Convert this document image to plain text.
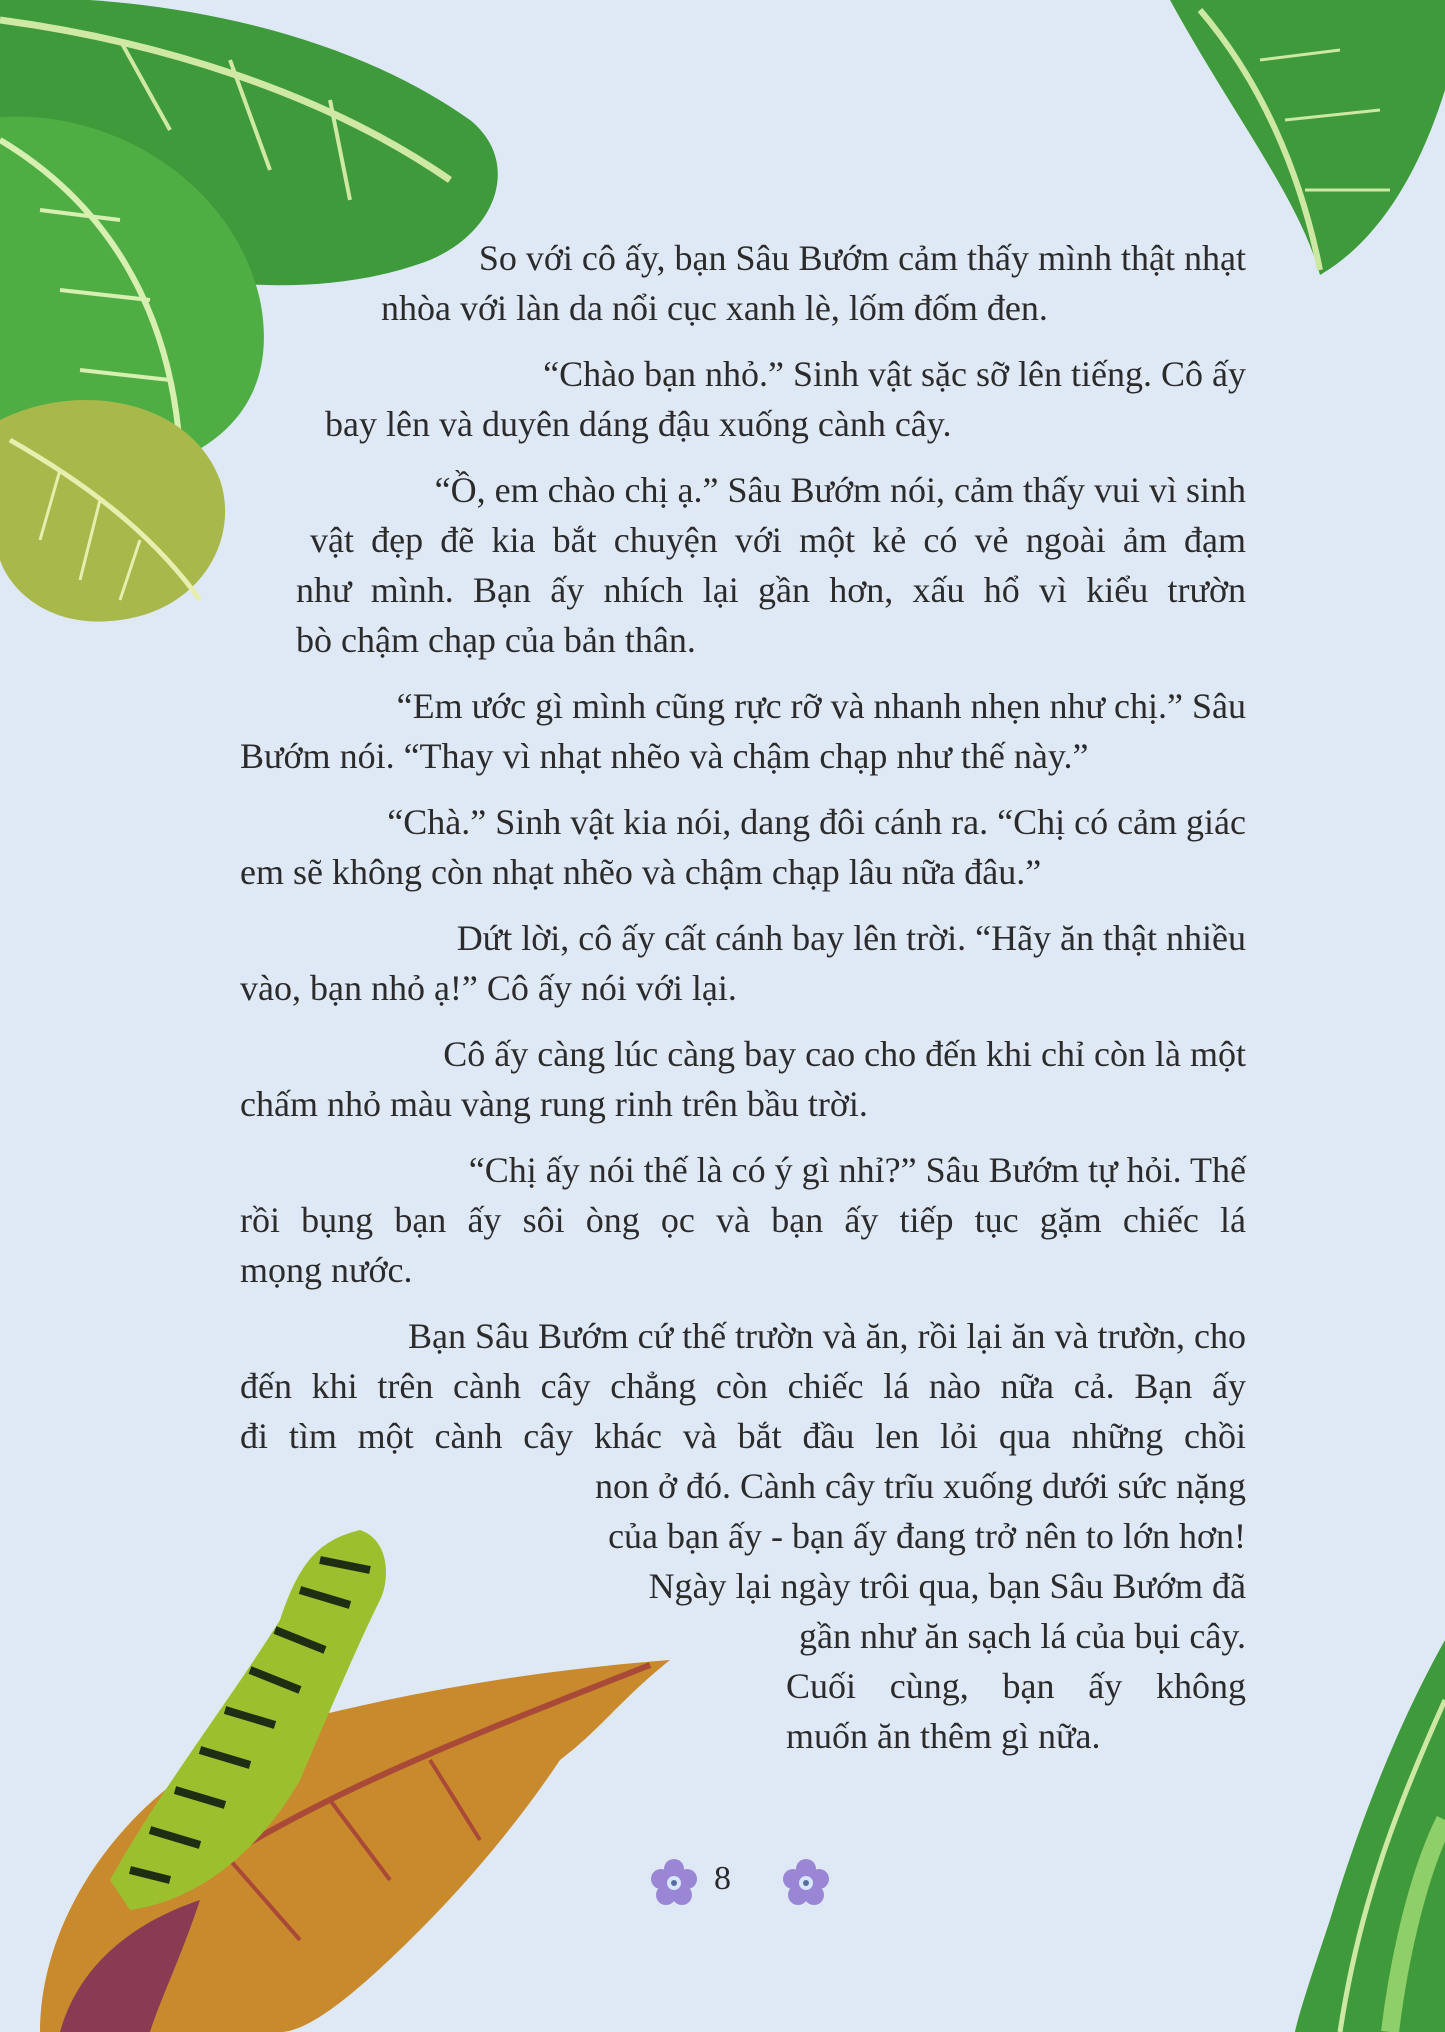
So với cô ấy, bạn Sâu Bướm cảm thấy mình thật nhạt
nhòa với làn da nổi cục xanh lè, lốm đốm đen.
“Chào bạn nhỏ.” Sinh vật sặc sỡ lên tiếng. Cô ấy
bay lên và duyên dáng đậu xuống cành cây.
“Ồ, em chào chị ạ.” Sâu Bướm nói, cảm thấy vui vì sinh
vật đẹp đẽ kia bắt chuyện với một kẻ có vẻ ngoài ảm đạm
như mình. Bạn ấy nhích lại gần hơn, xấu hổ vì kiểu trườn
bò chậm chạp của bản thân.
“Em ước gì mình cũng rực rỡ và nhanh nhẹn như chị.” Sâu
Bướm nói. “Thay vì nhạt nhẽo và chậm chạp như thế này.”
“Chà.” Sinh vật kia nói, dang đôi cánh ra. “Chị có cảm giác
em sẽ không còn nhạt nhẽo và chậm chạp lâu nữa đâu.”
Dứt lời, cô ấy cất cánh bay lên trời. “Hãy ăn thật nhiều
vào, bạn nhỏ ạ!” Cô ấy nói với lại.
Cô ấy càng lúc càng bay cao cho đến khi chỉ còn là một
chấm nhỏ màu vàng rung rinh trên bầu trời.
“Chị ấy nói thế là có ý gì nhỉ?” Sâu Bướm tự hỏi. Thế
rồi bụng bạn ấy sôi òng ọc và bạn ấy tiếp tục gặm chiếc lá
mọng nước.
Bạn Sâu Bướm cứ thế trườn và ăn, rồi lại ăn và trườn, cho
đến khi trên cành cây chẳng còn chiếc lá nào nữa cả. Bạn ấy
đi tìm một cành cây khác và bắt đầu len lỏi qua những chồi
non ở đó. Cành cây trĩu xuống dưới sức nặng
của bạn ấy - bạn ấy đang trở nên to lớn hơn!
Ngày lại ngày trôi qua, bạn Sâu Bướm đã
gần như ăn sạch lá của bụi cây.
Cuối cùng, bạn ấy không
muốn ăn thêm gì nữa.
8
